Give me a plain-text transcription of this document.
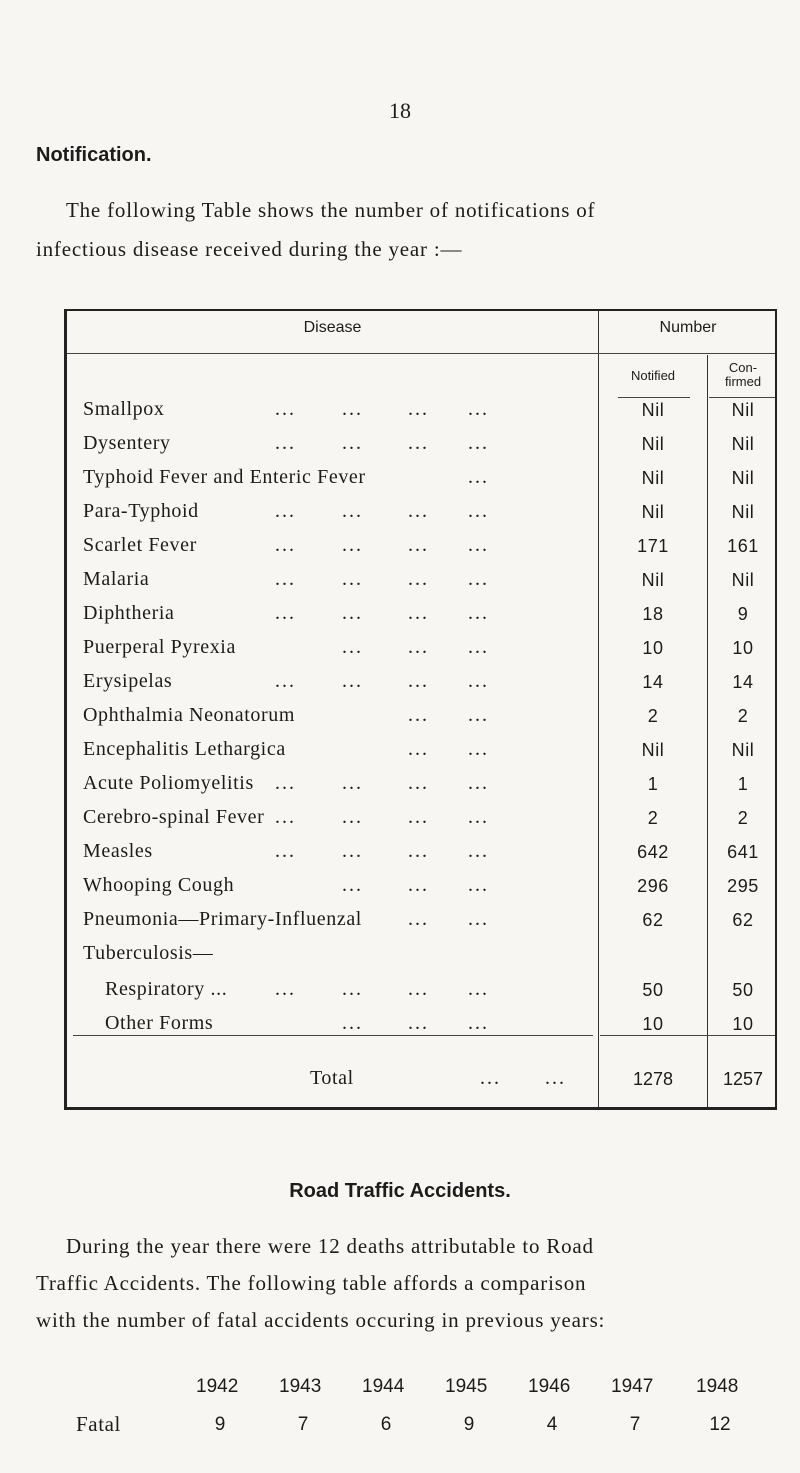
18
Notification.
The following Table shows the number of notifications of
infectious disease received during the year :—
Disease	Number
Notified
Con-
firmed
Smallpox	... ... ... ...	Nil	Nil
Dysentery	... ... ... ...	Nil	Nil
Typhoid Fever and Enteric Fever	...	Nil	Nil
Para-Typhoid	... ... ... ...	Nil	Nil
Scarlet Fever	... ... ... ...	171	161
Malaria	... ... ... ...	Nil	Nil
Diphtheria	... ... ... ...	18	9
Puerperal Pyrexia	... ... ...	10	10
Erysipelas	... ... ... ...	14	14
Ophthalmia Neonatorum	... ...	2	2
Encephalitis Lethargica	... ...	Nil	Nil
Acute Poliomyelitis ... ... ... ...	1	1
Cerebro-spinal Fever ... ... ... ...	2	2
Measles	... ... ... ...	642	641
Whooping Cough	... ... ...	296	295
Pneumonia—Primary-Influenzal ... ...	62	62
Tuberculosis—
Respiratory ... ... ... ... ...	50	50
Other Forms	... ... ...	10	10
Total	... ...	1278	1257
Road Traffic Accidents.
During the year there were 12 deaths attributable to Road
Traffic Accidents. The following table affords a comparison
with the number of fatal accidents occuring in previous years:
1942 1943 1944 1945 1946 1947 1948
Fatal	9	7	6	9	4	7	12
